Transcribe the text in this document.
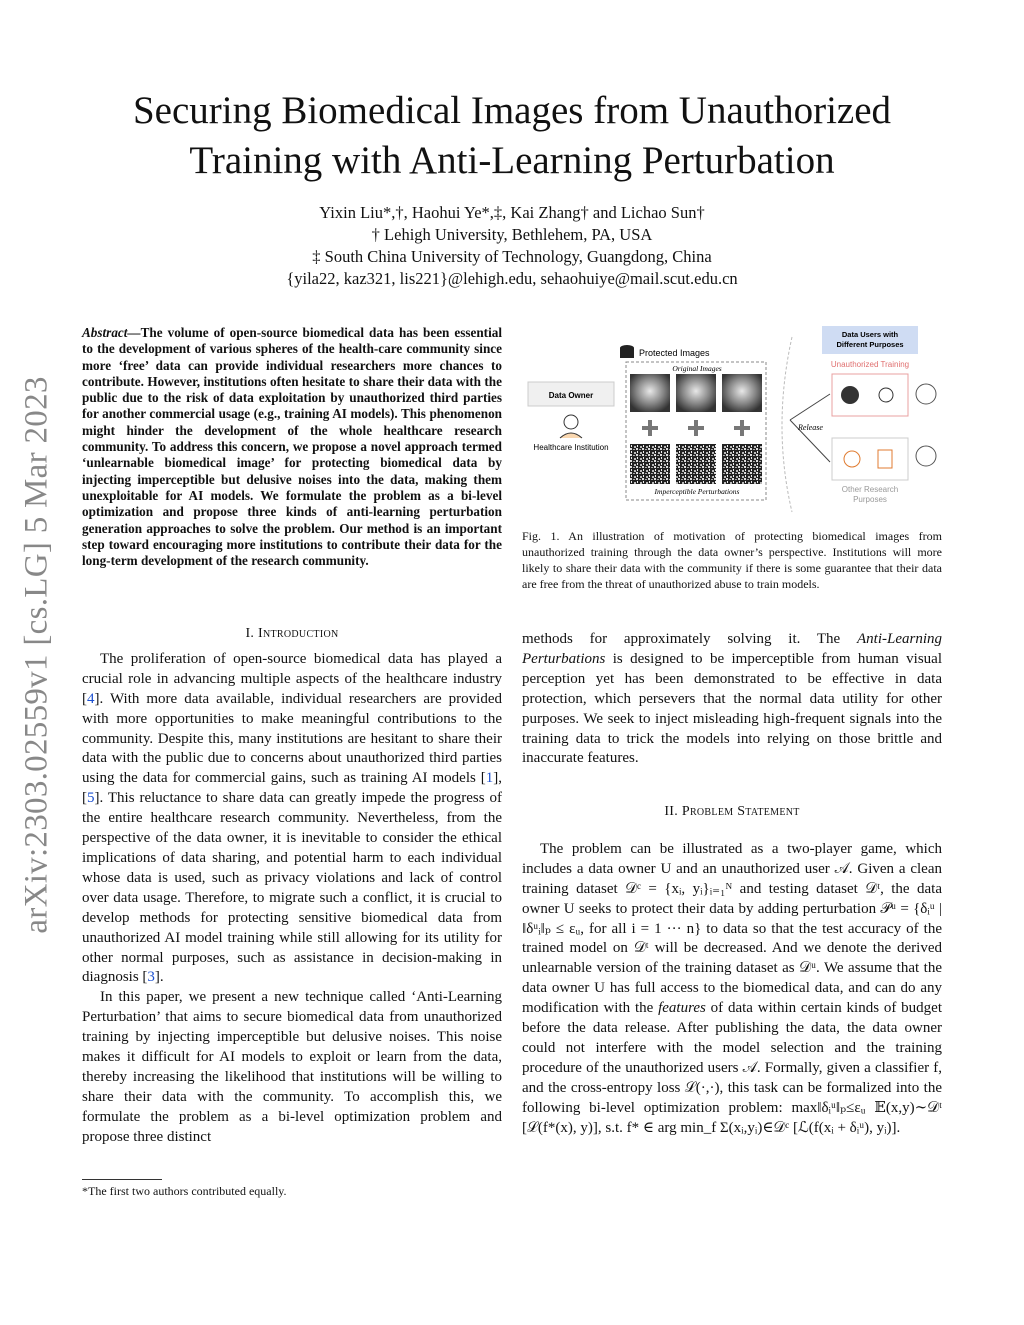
arXiv:2303.02559v1 [cs.LG] 5 Mar 2023
Securing Biomedical Images from Unauthorized
Training with Anti-Learning Perturbation
Yixin Liu*,†, Haohui Ye*,‡, Kai Zhang† and Lichao Sun†
† Lehigh University, Bethlehem, PA, USA
‡ South China University of Technology, Guangdong, China
{yila22, kaz321, lis221}@lehigh.edu, sehaohuiye@mail.scut.edu.cn

Abstract—The volume of open-source biomedical data has been essential to the development of various spheres of the health-care community since more ‘free’ data can provide individual researchers more chances to contribute. However, institutions often hesitate to share their data with the public due to the risk of data exploitation by unauthorized third parties for another commercial usage (e.g., training AI models). This phenomenon might hinder the development of the whole healthcare research community. To address this concern, we propose a novel approach termed ‘unlearnable biomedical image’ for protecting biomedical data by injecting imperceptible but delusive noises into the data, making them unexploitable for AI models. We formulate the problem as a bi-level optimization and propose three kinds of anti-learning perturbation generation approaches to solve the problem. Our method is an important step toward encouraging more institutions to contribute their data for the long-term development of the research community.

I. Introduction

The proliferation of open-source biomedical data has played a crucial role in advancing multiple aspects of the healthcare industry [4]. With more data available, individual researchers are provided with more opportunities to make meaningful contributions to the community. Despite this, many institutions are hesitant to share their data with the public due to concerns about unauthorized third parties using the data for commercial gains, such as training AI models [1], [5]. This reluctance to share data can greatly impede the progress of the entire healthcare research community. Nevertheless, from the perspective of the data owner, it is inevitable to consider the ethical implications of data sharing, and potential harm to each individual whose data is used, such as privacy violations and lack of control over data usage. Therefore, to migrate such a conflict, it is crucial to develop methods for protecting sensitive biomedical data from unauthorized AI model training while still allowing for its utility for other normal purposes, such as assistance in decision-making in diagnosis [3].

In this paper, we present a new technique called ‘Anti-Learning Perturbation’ that aims to secure biomedical data from unauthorized training by injecting imperceptible but delusive noises. This noise makes it difficult for AI models to exploit or learn from the data, thereby increasing the likelihood that institutions will be willing to share their data with the community. To accomplish this, we formulate the problem as a bi-level optimization problem and propose three distinct

*The first two authors contributed equally.
Data Owner
Healthcare Institution
Protected Images
Original Images
Imperceptible Perturbations
Release
Data Users with Different Purposes
Unauthorized Training
Other Research Purposes
Fig. 1. An illustration of motivation of protecting biomedical images from unauthorized training through the data owner’s perspective. Institutions will more likely to share their data with the community if there is some guarantee that their data are free from the threat of unauthorized abuse to train models.

methods for approximately solving it. The Anti-Learning Perturbations is designed to be imperceptible from human visual perception yet has been demonstrated to be effective in data protection, which persevers that the normal data utility for other purposes. We seek to inject misleading high-frequent signals into the training data to trick the models into relying on those brittle and inaccurate features.

II. Problem Statement

The problem can be illustrated as a two-player game, which includes a data owner U and an unauthorized user 𝒜. Given a clean training dataset 𝒟ᶜ = {xᵢ, yᵢ}ᵢ₌₁ᴺ and testing dataset 𝒟ᵗ, the data owner U seeks to protect their data by adding perturbation 𝒫ᵘ = {δᵢᵘ | ‖δᵘᵢ‖ₚ ≤ εᵤ, for all i = 1 ··· n} to data so that the test accuracy of the trained model on 𝒟ᵗ will be decreased. And we denote the derived unlearnable version of the training dataset as 𝒟ᵘ. We assume that the data owner U has full access to the biomedical data, and can do any modification with the features of data within certain kinds of budget before the data release. After publishing the data, the data owner could not interfere with the model selection and the training procedure of the unauthorized users 𝒜. Formally, given a classifier f, and the cross-entropy loss ℒ(·,·), this task can be formalized into the following bi-level optimization problem: max‖δᵢᵘ‖ₚ≤εᵤ 𝔼(x,y)∼𝒟ᵗ [ℒ(f*(x), y)], s.t. f* ∈ arg min_f Σ(xᵢ,yᵢ)∈𝒟ᶜ [ℒ(f(xᵢ + δᵢᵘ), yᵢ)].
